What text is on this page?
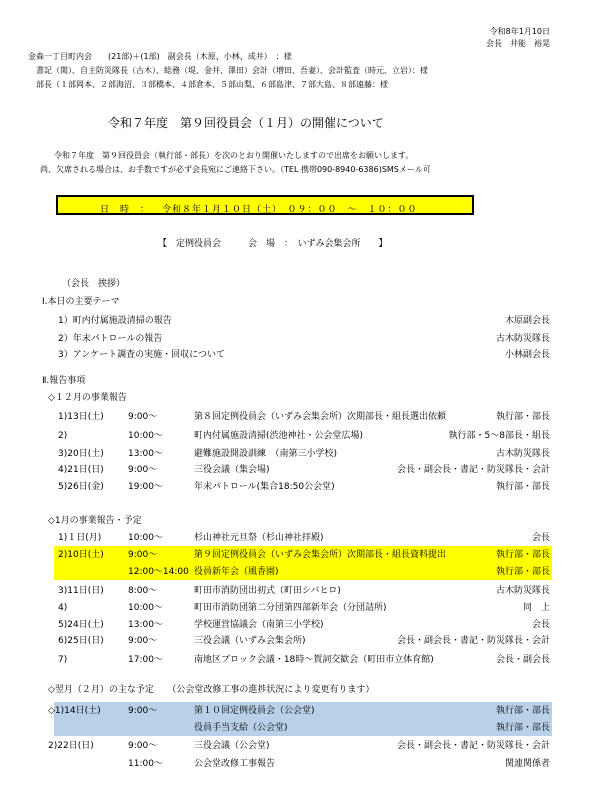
令和8年1月10日
会長　井能　裕晃
金森一丁目町内会　　(21部)＋(1部)　副会長（木原、小林、成井）　：様
書記（関）、自主防災隊長（古木）、総務（堤、金井、澤田）会計（増田、吾妻）、会計監査（時元、立岩）：様
部長（１部岡本、２部海沼、３部橋本、４部倉本、５部山梨、６部島津、７部大島、８部遠藤：様
令和７年度　第９回役員会（１月）の開催について
令和７年度　第９回役員会（執行部・部長）を次のとおり開催いたしますので出席をお願いします。
尚、欠席される場合は、お手数ですが必ず会長宛にご連絡下さい。（TEL 携帯090-8940-6386)SMSメール可
日　時　： 令和８年１月１０日（土）　０９：００　～　１０：００
【　定例役員会　　　会　場　：　いずみ会集会所　　】
（会長　挨拶）
Ⅰ.本日の主要テーマ
1）町内付属施設清掃の報告	木原副会長
2）年末パトロールの報告	古木防災隊長
3）アンケート調査の実施・回収について	小林副会長
Ⅱ.報告事項
◇１２月の事業報告
1)13日(土)	9:00～	第８回定例役員会（いずみ会集会所）次期部長・組長選出依頼	執行部・部長
2)	10:00～	町内付属施設清掃(渋池神社・公会堂広場)	執行部・5～8部長・組長
3)20日(土)	13:00～	避難施設開設訓練　（南第三小学校)	古木防災隊長
4)21日(日)	9:00～	三役会議（集会場)	会長・副会長・書記・防災隊長・会計
5)26日(金)	19:00～	年末パトロール(集合18:50公会堂)	執行部・部長
◇1月の事業報告・予定
1)１日(月)	10:00～	杉山神社元旦祭（杉山神社拝殿)	会長
2)10日(土)	9:00～	第９回定例役員会（いずみ会集会所）次期部長・組長資料提出	執行部・部長
12:00～14:00 役員新年会（風香園)	執行部・部長
3)11日(日)	8:00～	町田市消防団出初式（町田シバヒロ)	古木防災隊長
4)	10:00～	町田市消防団第二分団第四部新年会（分団詰所)	同　上
5)24日(土)	13:00～	学校運営協議会（南第三小学校)	会長
6)25日(日)	9:00～	三役会議（いずみ会集会所)	会長・副会長・書記・防災隊長・会計
7)	17:00～	南地区ブロック会議・18時～賀詞交歓会（町田市立体育館)	会長・副会長
◇翌月（２月）の主な予定　　（公会堂改修工事の進捗状況により変更有ります）
◇1)14日(土)	9:00～	第１０回定例役員会（公会堂)	執行部・部長
役員手当支給（公会堂)	執行部・部長
2)22日(日)	9:00～	三役会議（公会堂)	会長・副会長・書記・防災隊長・会計
11:00～	公会堂改修工事報告	関連関係者
